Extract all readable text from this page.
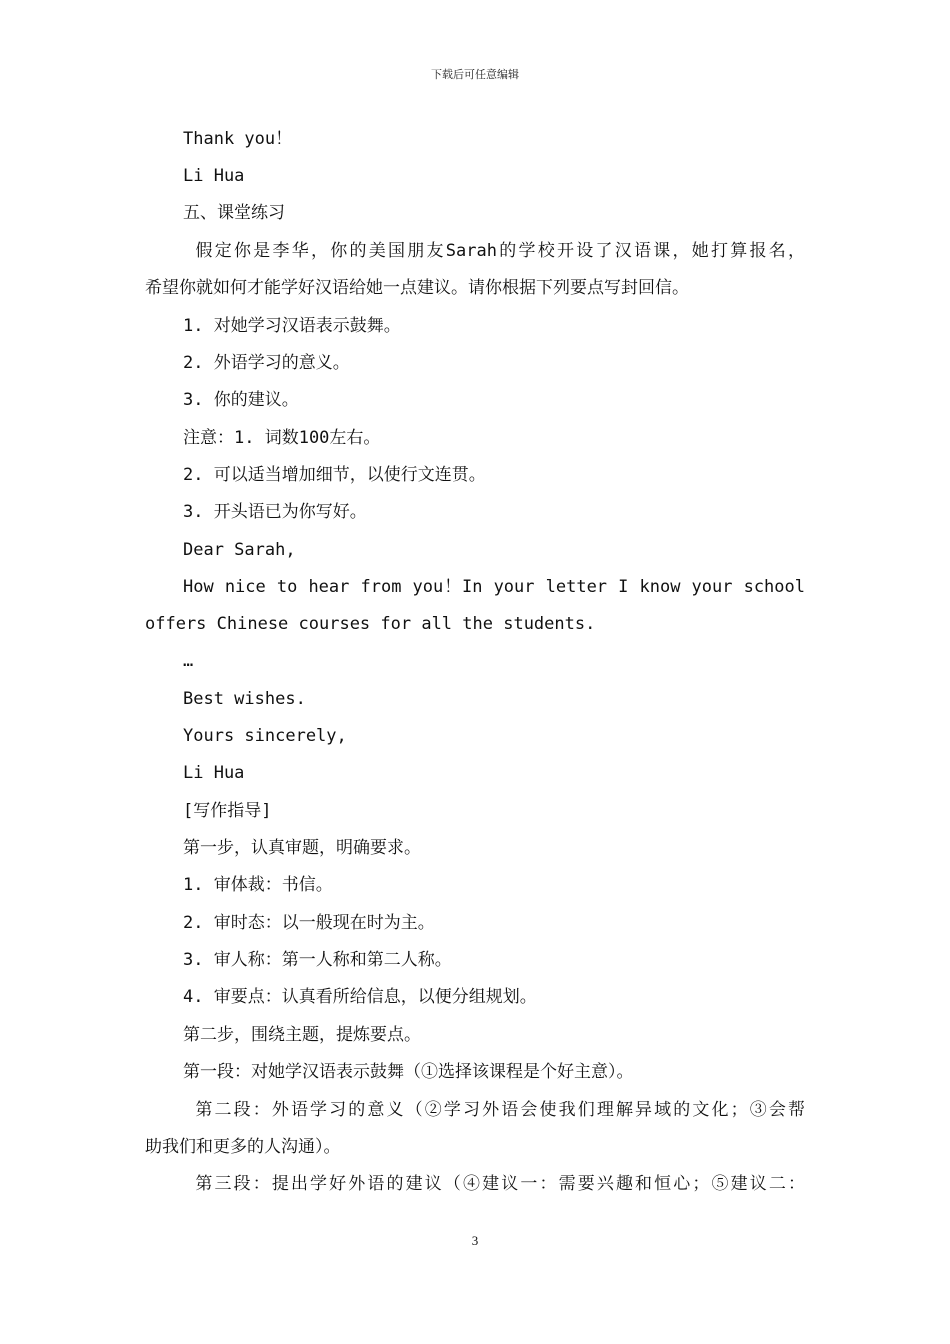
下载后可任意编辑
Thank you！
Li Hua
五、课堂练习
假定你是李华，你的美国朋友Sarah的学校开设了汉语课，她打算报名，
希望你就如何才能学好汉语给她一点建议。请你根据下列要点写封回信。
1. 对她学习汉语表示鼓舞。
2. 外语学习的意义。
3. 你的建议。
注意：1. 词数100左右。
2. 可以适当增加细节，以使行文连贯。
3. 开头语已为你写好。
Dear Sarah,
How nice to hear from you！In your letter I know your school
offers Chinese courses for all the students.
…
Best wishes.
Yours sincerely,
Li Hua
[写作指导]
第一步，认真审题，明确要求。
1. 审体裁：书信。
2. 审时态：以一般现在时为主。
3. 审人称：第一人称和第二人称。
4. 审要点：认真看所给信息，以便分组规划。
第二步，围绕主题，提炼要点。
第一段：对她学汉语表示鼓舞（①选择该课程是个好主意）。
第二段：外语学习的意义（②学习外语会使我们理解异域的文化；③会帮
助我们和更多的人沟通）。
第三段：提出学好外语的建议（④建议一：需要兴趣和恒心；⑤建议二：
3
